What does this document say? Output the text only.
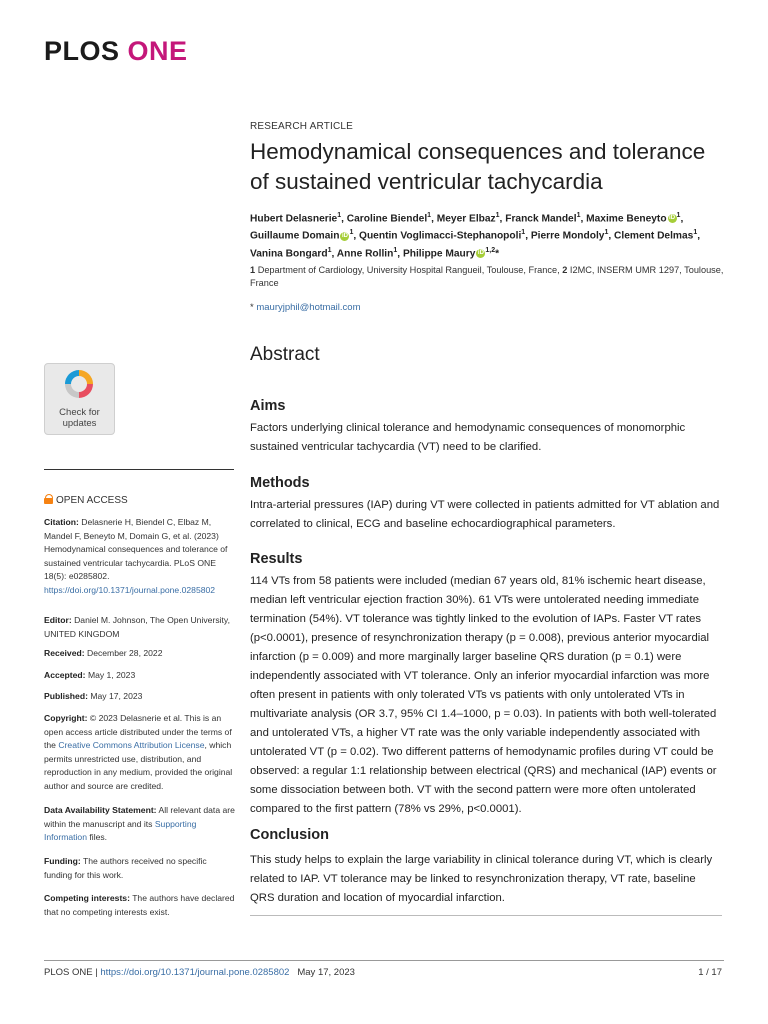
PLOS ONE
RESEARCH ARTICLE
Hemodynamical consequences and tolerance of sustained ventricular tachycardia
Hubert Delasnerie$^1$, Caroline Biendel$^1$, Meyer Elbaz$^1$, Franck Mandel$^1$, Maxime Beneyto iD $^1$, Guillaume Domain iD $^1$, Quentin Voglimacci-Stephanopoli$^1$, Pierre Mondoly$^1$, Clement Delmas$^1$, Vanina Bongard$^1$, Anne Rollin$^1$, Philippe Maury iD $^{1,2}$*
1 Department of Cardiology, University Hospital Rangueil, Toulouse, France, 2 I2MC, INSERM UMR 1297, Toulouse, France
* mauryjphil@hotmail.com
Check for
updates
OPEN ACCESS
Citation: Delasnerie H, Biendel C, Elbaz M, Mandel F, Beneyto M, Domain G, et al. (2023) Hemodynamical consequences and tolerance of sustained ventricular tachycardia. PLoS ONE 18(5): e0285802. https://doi.org/10.1371/journal.pone.0285802
Editor: Daniel M. Johnson, The Open University, UNITED KINGDOM
Received: December 28, 2022
Accepted: May 1, 2023
Published: May 17, 2023
Copyright: © 2023 Delasnerie et al. This is an open access article distributed under the terms of the Creative Commons Attribution License, which permits unrestricted use, distribution, and reproduction in any medium, provided the original author and source are credited.
Data Availability Statement: All relevant data are within the manuscript and its Supporting Information files.
Funding: The authors received no specific funding for this work.
Competing interests: The authors have declared that no competing interests exist.
Abstract
Aims
Factors underlying clinical tolerance and hemodynamic consequences of monomorphic sustained ventricular tachycardia (VT) need to be clarified.
Methods
Intra-arterial pressures (IAP) during VT were collected in patients admitted for VT ablation and correlated to clinical, ECG and baseline echocardiographical parameters.
Results
114 VTs from 58 patients were included (median 67 years old, 81% ischemic heart disease, median left ventricular ejection fraction 30%). 61 VTs were untolerated needing immediate termination (54%). VT tolerance was tightly linked to the evolution of IAPs. Faster VT rates (p<0.0001), presence of resynchronization therapy (p = 0.008), previous anterior myocardial infarction (p = 0.009) and more marginally larger baseline QRS duration (p = 0.1) were independently associated with VT tolerance. Only an inferior myocardial infarction was more often present in patients with only tolerated VTs vs patients with only untolerated VTs in multivariate analysis (OR 3.7, 95% CI 1.4–1000, p = 0.03). In patients with both well-tolerated and untolerated VTs, a higher VT rate was the only variable independently associated with untolerated VT (p = 0.02). Two different patterns of hemodynamic profiles during VT could be observed: a regular 1:1 relationship between electrical (QRS) and mechanical (IAP) events or some dissociation between both. VT with the second pattern were more often untolerated compared to the first pattern (78% vs 29%, p<0.0001).
Conclusion
This study helps to explain the large variability in clinical tolerance during VT, which is clearly related to IAP. VT tolerance may be linked to resynchronization therapy, VT rate, baseline QRS duration and location of myocardial infarction.
PLOS ONE | https://doi.org/10.1371/journal.pone.0285802 May 17, 2023	1 / 17
